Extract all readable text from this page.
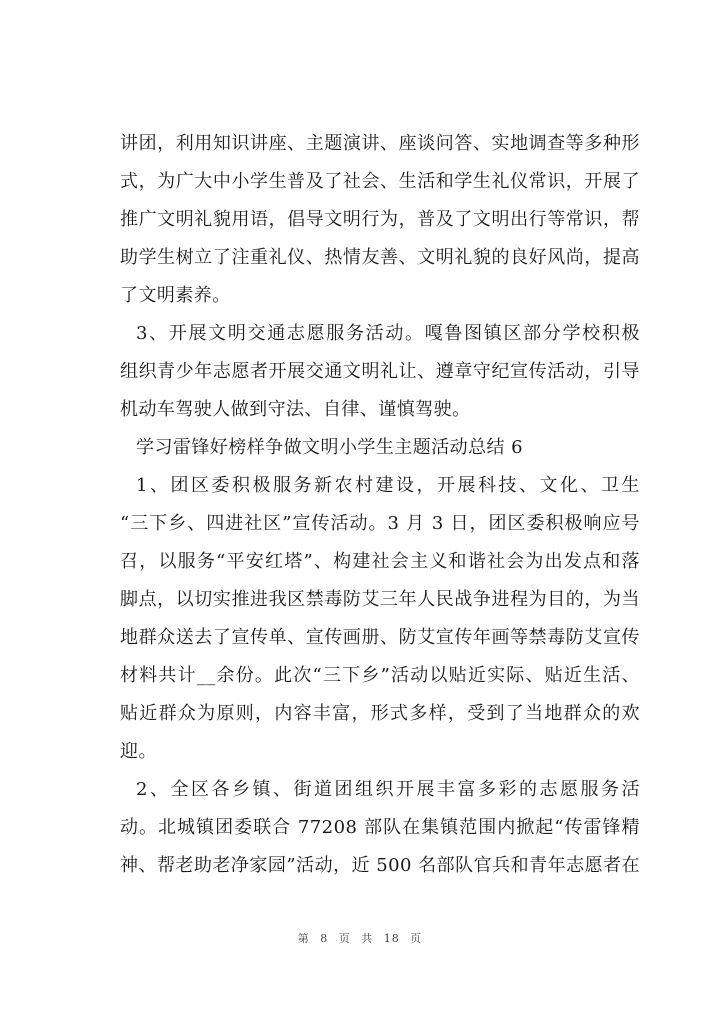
讲团，利用知识讲座、主题演讲、座谈问答、实地调查等多种形
式，为广大中小学生普及了社会、生活和学生礼仪常识，开展了
推广文明礼貌用语，倡导文明行为，普及了文明出行等常识，帮
助学生树立了注重礼仪、热情友善、文明礼貌的良好风尚，提高
了文明素养。
3、开展文明交通志愿服务活动。嘎鲁图镇区部分学校积极
组织青少年志愿者开展交通文明礼让、遵章守纪宣传活动，引导
机动车驾驶人做到守法、自律、谨慎驾驶。
学习雷锋好榜样争做文明小学生主题活动总结 6
1、团区委积极服务新农村建设，开展科技、文化、卫生
“三下乡、四进社区”宣传活动。3 月 3 日，团区委积极响应号
召，以服务“平安红塔”、构建社会主义和谐社会为出发点和落
脚点，以切实推进我区禁毒防艾三年人民战争进程为目的，为当
地群众送去了宣传单、宣传画册、防艾宣传年画等禁毒防艾宣传
材料共计__余份。此次“三下乡”活动以贴近实际、贴近生活、
贴近群众为原则，内容丰富，形式多样，受到了当地群众的欢
迎。
2、全区各乡镇、街道团组织开展丰富多彩的志愿服务活
动。北城镇团委联合 77208 部队在集镇范围内掀起“传雷锋精
神、帮老助老净家园”活动，近 500 名部队官兵和青年志愿者在
第 8 页 共 18 页
